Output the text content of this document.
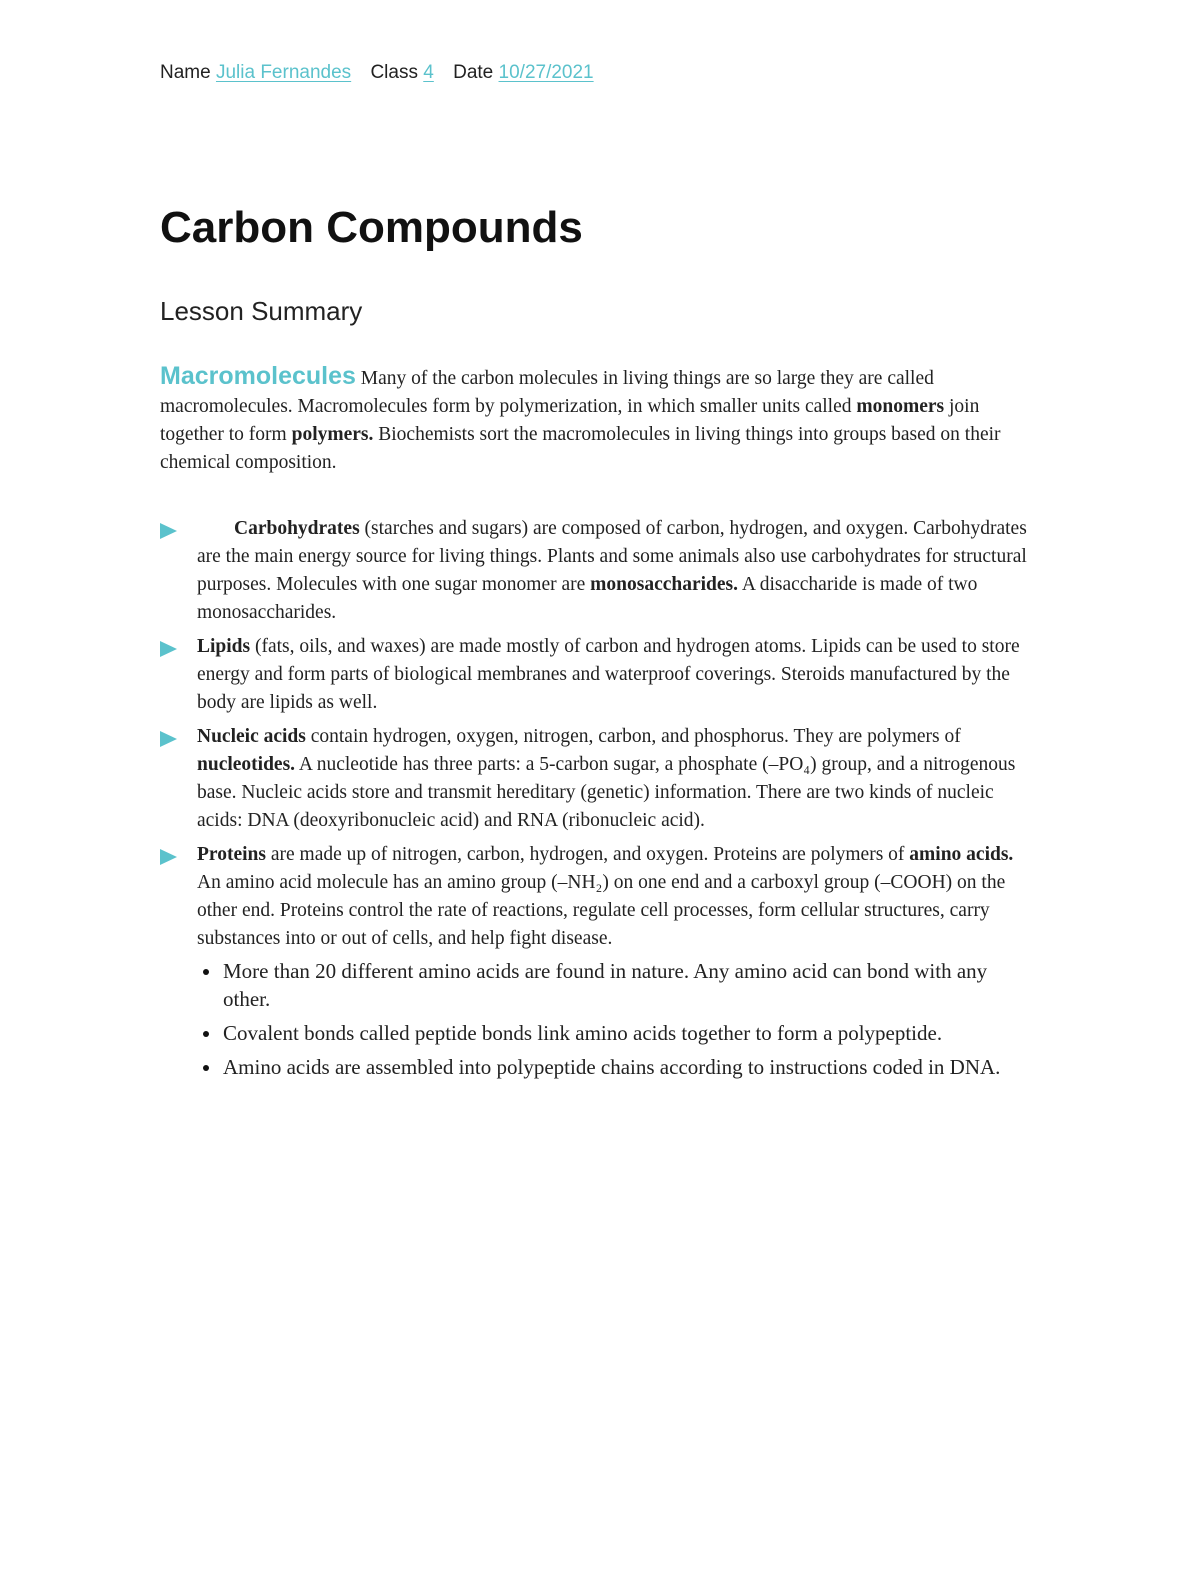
Name Julia Fernandes Class 4 Date 10/27/2021
Carbon Compounds
Lesson Summary

Macromolecules Many of the carbon molecules in living things are so large they are called macromolecules. Macromolecules form by polymerization, in which smaller units called monomers join together to form polymers. Biochemists sort the macromolecules in living things into groups based on their chemical composition.

Carbohydrates (starches and sugars) are composed of carbon, hydrogen, and oxygen. Carbohydrates are the main energy source for living things. Plants and some animals also use carbohydrates for structural purposes. Molecules with one sugar monomer are monosaccharides. A disaccharide is made of two monosaccharides.
Lipids (fats, oils, and waxes) are made mostly of carbon and hydrogen atoms. Lipids can be used to store energy and form parts of biological membranes and waterproof coverings. Steroids manufactured by the body are lipids as well.
Nucleic acids contain hydrogen, oxygen, nitrogen, carbon, and phosphorus. They are polymers of nucleotides. A nucleotide has three parts: a 5-carbon sugar, a phosphate (–PO₄) group, and a nitrogenous base. Nucleic acids store and transmit hereditary (genetic) information. There are two kinds of nucleic acids: DNA (deoxyribonucleic acid) and RNA (ribonucleic acid).
Proteins are made up of nitrogen, carbon, hydrogen, and oxygen. Proteins are polymers of amino acids. An amino acid molecule has an amino group (–NH₂) on one end and a carboxyl group (–COOH) on the other end. Proteins control the rate of reactions, regulate cell processes, form cellular structures, carry substances into or out of cells, and help fight disease.
More than 20 different amino acids are found in nature. Any amino acid can bond with any other.
Covalent bonds called peptide bonds link amino acids together to form a polypeptide.
Amino acids are assembled into polypeptide chains according to instructions coded in DNA.
